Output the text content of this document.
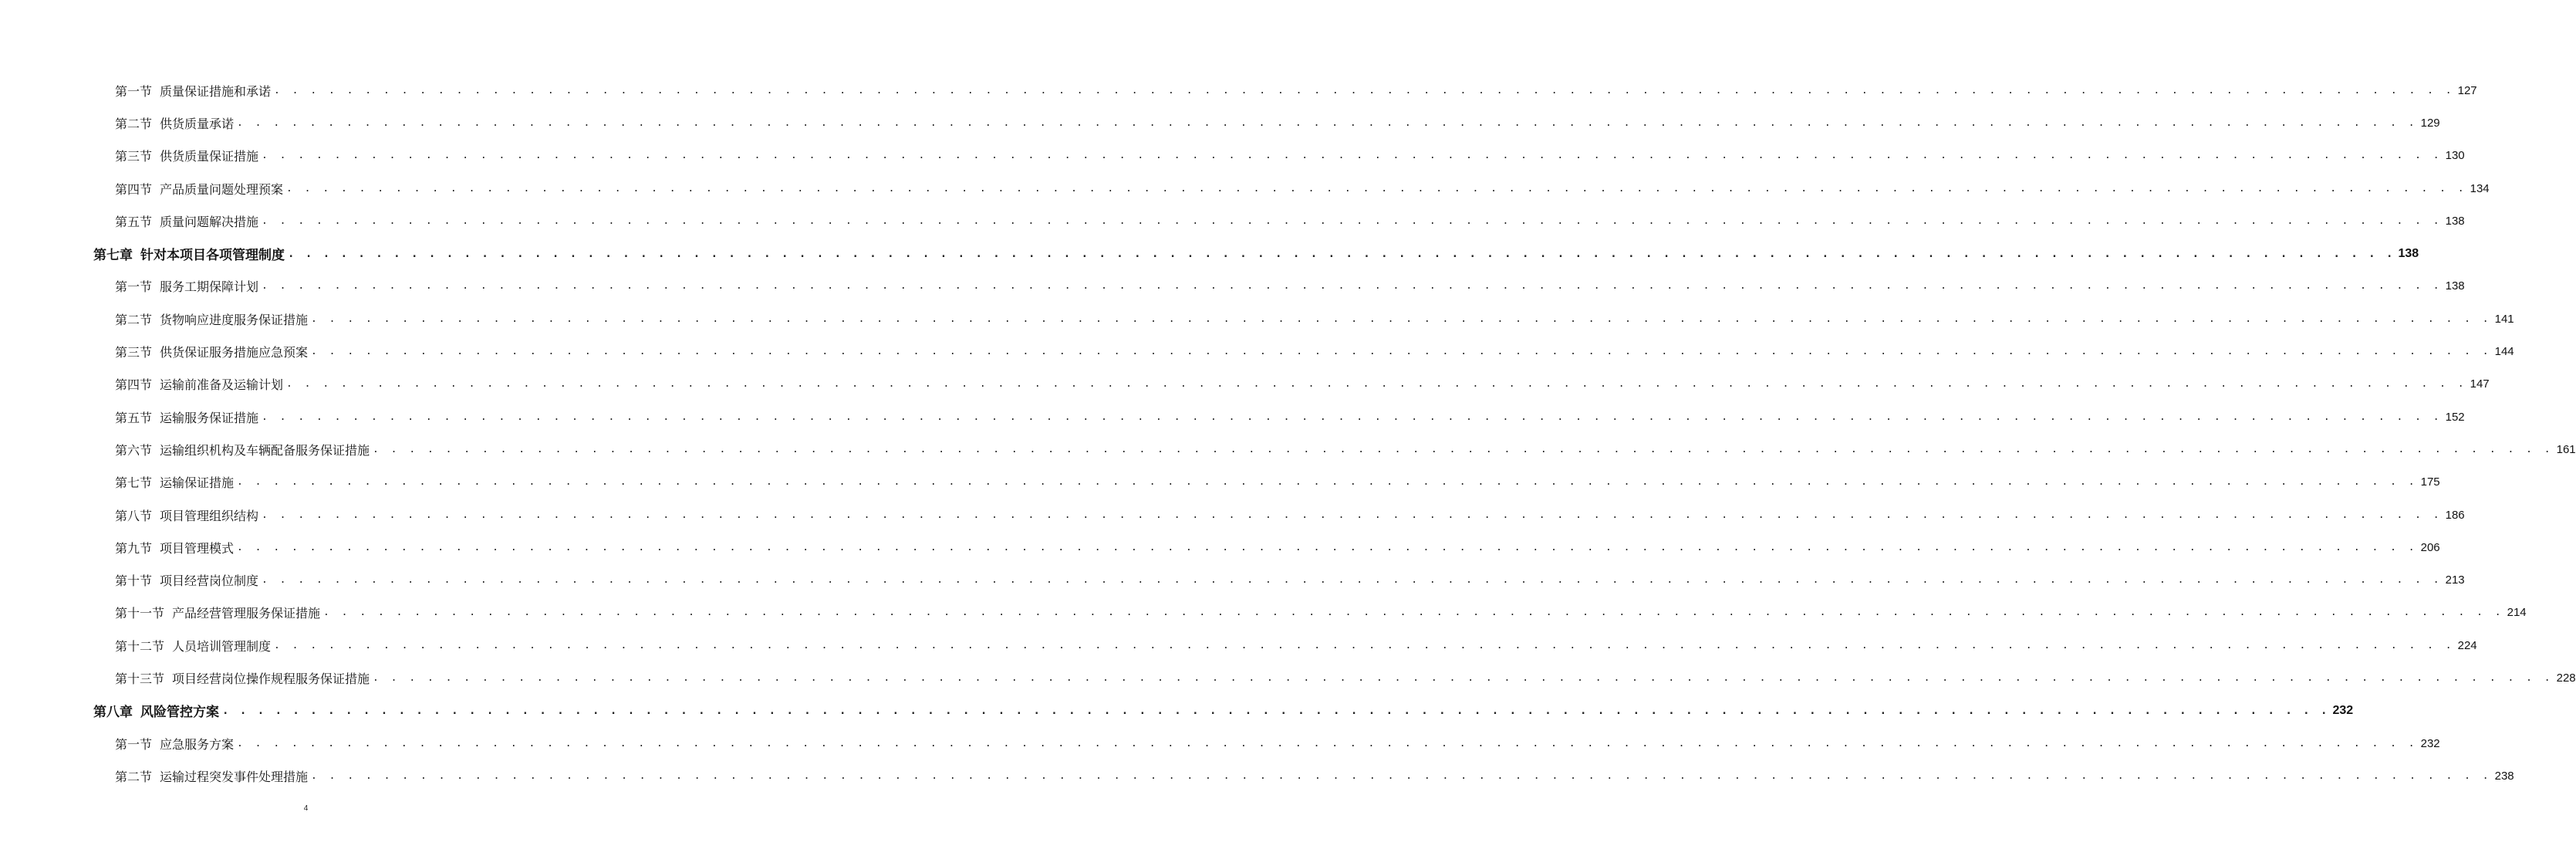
第一节 质量保证措施和承诺 . . . . . . . . . . . . . . . . . . . . . . . . . . . . . . . . . . . . . . . . . . . . . . . . . . . . . . . . . . . . . . . . . . . . . . . . . . . . . . . . . . . . . . . . . . . . . . . . . . . . . . . . . . . . . . . . . . . . . . . . 127
第二节 供货质量承诺 . . . . . . . . . . . . . . . . . . . . . . . . . . . . . . . . . . . . . . . . . . . . . . . . . . . . . . . . . . . . . . . . . . . . . . . . . . . . . . . . . . . . . . . . . . . . . . . . . . . . . . . . . . . . . . . . . . . . . . . . 129
第三节 供货质量保证措施 . . . . . . . . . . . . . . . . . . . . . . . . . . . . . . . . . . . . . . . . . . . . . . . . . . . . . . . . . . . . . . . . . . . . . . . . . . . . . . . . . . . . . . . . . . . . . . . . . . . . . . . . . . . . . . . . . . . . . . . . 130
第四节 产品质量问题处理预案 . . . . . . . . . . . . . . . . . . . . . . . . . . . . . . . . . . . . . . . . . . . . . . . . . . . . . . . . . . . . . . . . . . . . . . . . . . . . . . . . . . . . . . . . . . . . . . . . . . . . . . . . . . . . . . . . . . . . . . . . 134
第五节 质量问题解决措施 . . . . . . . . . . . . . . . . . . . . . . . . . . . . . . . . . . . . . . . . . . . . . . . . . . . . . . . . . . . . . . . . . . . . . . . . . . . . . . . . . . . . . . . . . . . . . . . . . . . . . . . . . . . . . . . . . . . . . . . . 138
第七章 针对本项目各项管理制度 . . . . . . . . . . . . . . . . . . . . . . . . . . . . . . . . . . . . . . . . . . . . . . . . . . . . . . . . . . . . . . . . . . . . . . . . . . . . . . . . . . . . . . . . . . . . . . . . . . . . . . . . . . . . . . . . . . . . . . . . 138
第一节 服务工期保障计划 . . . . . . . . . . . . . . . . . . . . . . . . . . . . . . . . . . . . . . . . . . . . . . . . . . . . . . . . . . . . . . . . . . . . . . . . . . . . . . . . . . . . . . . . . . . . . . . . . . . . . . . . . . . . . . . . . . . . . . . . 138
第二节 货物响应进度服务保证措施 . . . . . . . . . . . . . . . . . . . . . . . . . . . . . . . . . . . . . . . . . . . . . . . . . . . . . . . . . . . . . . . . . . . . . . . . . . . . . . . . . . . . . . . . . . . . . . . . . . . . . . . . . . . . . . . . . . . . . . . . 141
第三节 供货保证服务措施应急预案 . . . . . . . . . . . . . . . . . . . . . . . . . . . . . . . . . . . . . . . . . . . . . . . . . . . . . . . . . . . . . . . . . . . . . . . . . . . . . . . . . . . . . . . . . . . . . . . . . . . . . . . . . . . . . . . . . . . . . . . . 144
第四节 运输前准备及运输计划 . . . . . . . . . . . . . . . . . . . . . . . . . . . . . . . . . . . . . . . . . . . . . . . . . . . . . . . . . . . . . . . . . . . . . . . . . . . . . . . . . . . . . . . . . . . . . . . . . . . . . . . . . . . . . . . . . . . . . . . . 147
第五节 运输服务保证措施 . . . . . . . . . . . . . . . . . . . . . . . . . . . . . . . . . . . . . . . . . . . . . . . . . . . . . . . . . . . . . . . . . . . . . . . . . . . . . . . . . . . . . . . . . . . . . . . . . . . . . . . . . . . . . . . . . . . . . . . . 152
第六节 运输组织机构及车辆配备服务保证措施 . . . . . . . . . . . . . . . . . . . . . . . . . . . . . . . . . . . . . . . . . . . . . . . . . . . . . . . . . . . . . . . . . . . . . . . . . . . . . . . . . . . . . . . . . . . . . . . . . . . . . . . . . . . . . . . . . . . . . . . . 161
第七节 运输保证措施 . . . . . . . . . . . . . . . . . . . . . . . . . . . . . . . . . . . . . . . . . . . . . . . . . . . . . . . . . . . . . . . . . . . . . . . . . . . . . . . . . . . . . . . . . . . . . . . . . . . . . . . . . . . . . . . . . . . . . . . . 175
第八节 项目管理组织结构 . . . . . . . . . . . . . . . . . . . . . . . . . . . . . . . . . . . . . . . . . . . . . . . . . . . . . . . . . . . . . . . . . . . . . . . . . . . . . . . . . . . . . . . . . . . . . . . . . . . . . . . . . . . . . . . . . . . . . . . . 186
第九节 项目管理模式 . . . . . . . . . . . . . . . . . . . . . . . . . . . . . . . . . . . . . . . . . . . . . . . . . . . . . . . . . . . . . . . . . . . . . . . . . . . . . . . . . . . . . . . . . . . . . . . . . . . . . . . . . . . . . . . . . . . . . . . . 206
第十节 项目经营岗位制度 . . . . . . . . . . . . . . . . . . . . . . . . . . . . . . . . . . . . . . . . . . . . . . . . . . . . . . . . . . . . . . . . . . . . . . . . . . . . . . . . . . . . . . . . . . . . . . . . . . . . . . . . . . . . . . . . . . . . . . . . 213
第十一节 产品经营管理服务保证措施 . . . . . . . . . . . . . . . . . . . . . . . . . . . . . . . . . . . . . . . . . . . . . . . . . . . . . . . . . . . . . . . . . . . . . . . . . . . . . . . . . . . . . . . . . . . . . . . . . . . . . . . . . . . . . . . . . . . . . . . . 214
第十二节 人员培训管理制度 . . . . . . . . . . . . . . . . . . . . . . . . . . . . . . . . . . . . . . . . . . . . . . . . . . . . . . . . . . . . . . . . . . . . . . . . . . . . . . . . . . . . . . . . . . . . . . . . . . . . . . . . . . . . . . . . . . . . . . . . 224
第十三节 项目经营岗位操作规程服务保证措施 . . . . . . . . . . . . . . . . . . . . . . . . . . . . . . . . . . . . . . . . . . . . . . . . . . . . . . . . . . . . . . . . . . . . . . . . . . . . . . . . . . . . . . . . . . . . . . . . . . . . . . . . . . . . . . . . . . . . . . . . 228
第八章 风险管控方案 . . . . . . . . . . . . . . . . . . . . . . . . . . . . . . . . . . . . . . . . . . . . . . . . . . . . . . . . . . . . . . . . . . . . . . . . . . . . . . . . . . . . . . . . . . . . . . . . . . . . . . . . . . . . . . . . . . . . . . . . 232
第一节 应急服务方案 . . . . . . . . . . . . . . . . . . . . . . . . . . . . . . . . . . . . . . . . . . . . . . . . . . . . . . . . . . . . . . . . . . . . . . . . . . . . . . . . . . . . . . . . . . . . . . . . . . . . . . . . . . . . . . . . . . . . . . . . 232
第二节 运输过程突发事件处理措施 . . . . . . . . . . . . . . . . . . . . . . . . . . . . . . . . . . . . . . . . . . . . . . . . . . . . . . . . . . . . . . . . . . . . . . . . . . . . . . . . . . . . . . . . . . . . . . . . . . . . . . . . . . . . . . . . . . . . . . . . 238
4
